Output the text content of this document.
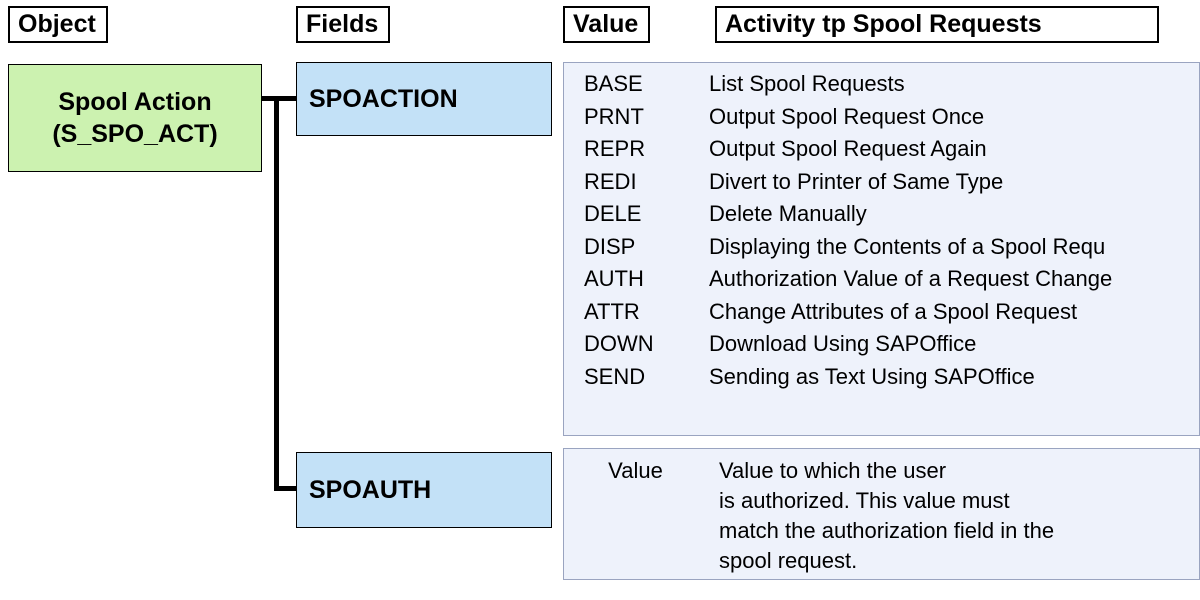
Object	Fields	Value	Activity tp Spool Requests
Spool Action
(S_SPO_ACT)
SPOACTION
SPOAUTH
BASE	List Spool Requests
PRNT	Output Spool Request Once
REPR	Output Spool Request Again
REDI	Divert to Printer of Same Type
DELE	Delete Manually
DISP	Displaying the Contents of a Spool Requ
AUTH	Authorization Value of a Request Change
ATTR	Change Attributes of a Spool Request
DOWN	Download Using SAPOffice
SEND	Sending as Text Using SAPOffice
Value	Value to which the user
is authorized. This value must
match the authorization field in the
spool request.
